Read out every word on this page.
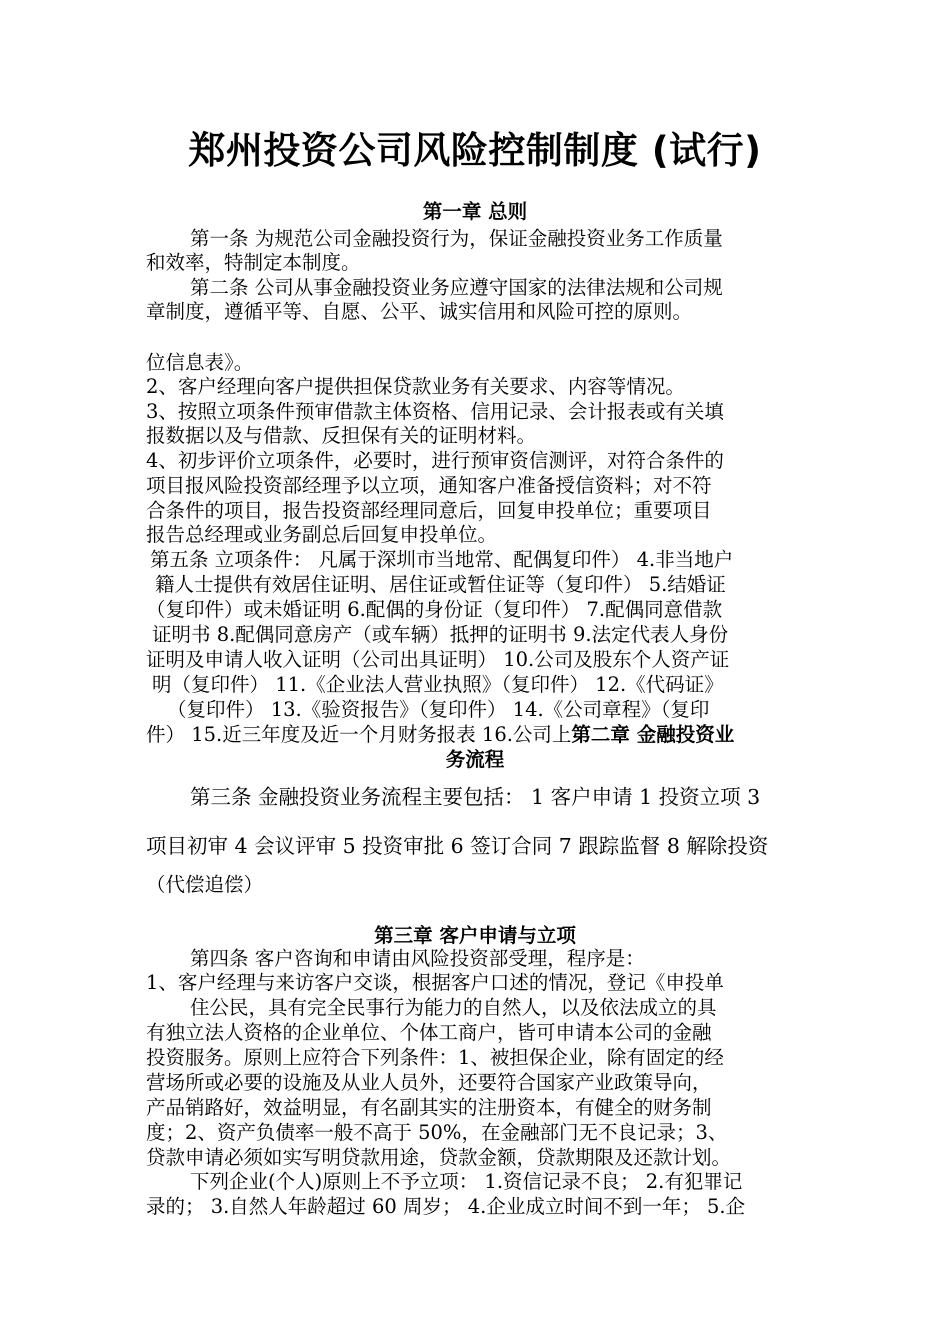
郑州投资公司风险控制制度 (试行)
第一章 总则
第一条 为规范公司金融投资行为，保证金融投资业务工作质量
和效率，特制定本制度。
第二条 公司从事金融投资业务应遵守国家的法律法规和公司规
章制度，遵循平等、自愿、公平、诚实信用和风险可控的原则。
位信息表》。
2、客户经理向客户提供担保贷款业务有关要求、内容等情况。
3、按照立项条件预审借款主体资格、信用记录、会计报表或有关填
报数据以及与借款、反担保有关的证明材料。
4、初步评价立项条件，必要时，进行预审资信测评，对符合条件的
项目报风险投资部经理予以立项，通知客户准备授信资料；对不符
合条件的项目，报告投资部经理同意后，回复申投单位；重要项目
报告总经理或业务副总后回复申投单位。
第五条 立项条件： 凡属于深圳市当地常、配偶复印件） 4.非当地户
籍人士提供有效居住证明、居住证或暂住证等（复印件） 5.结婚证
（复印件）或未婚证明 6.配偶的身份证（复印件） 7.配偶同意借款
证明书 8.配偶同意房产（或车辆）抵押的证明书 9.法定代表人身份
证明及申请人收入证明（公司出具证明） 10.公司及股东个人资产证
明（复印件） 11.《企业法人营业执照》（复印件） 12.《代码证》
（复印件） 13.《验资报告》（复印件） 14.《公司章程》（复印
件） 15.近三年度及近一个月财务报表 16.公司上第二章 金融投资业
务流程
第三条 金融投资业务流程主要包括： 1 客户申请 1 投资立项 3
项目初审 4 会议评审 5 投资审批 6 签订合同 7 跟踪监督 8 解除投资
（代偿追偿）
第三章 客户申请与立项
第四条 客户咨询和申请由风险投资部受理，程序是：
1、客户经理与来访客户交谈，根据客户口述的情况，登记《申投单
住公民，具有完全民事行为能力的自然人，以及依法成立的具
有独立法人资格的企业单位、个体工商户，皆可申请本公司的金融
投资服务。原则上应符合下列条件：1、被担保企业，除有固定的经
营场所或必要的设施及从业人员外，还要符合国家产业政策导向，
产品销路好，效益明显，有名副其实的注册资本，有健全的财务制
度；2、资产负债率一般不高于 50%，在金融部门无不良记录；3、
贷款申请必须如实写明贷款用途，贷款金额，贷款期限及还款计划。
下列企业(个人)原则上不予立项： 1.资信记录不良； 2.有犯罪记
录的； 3.自然人年龄超过 60 周岁； 4.企业成立时间不到一年； 5.企
